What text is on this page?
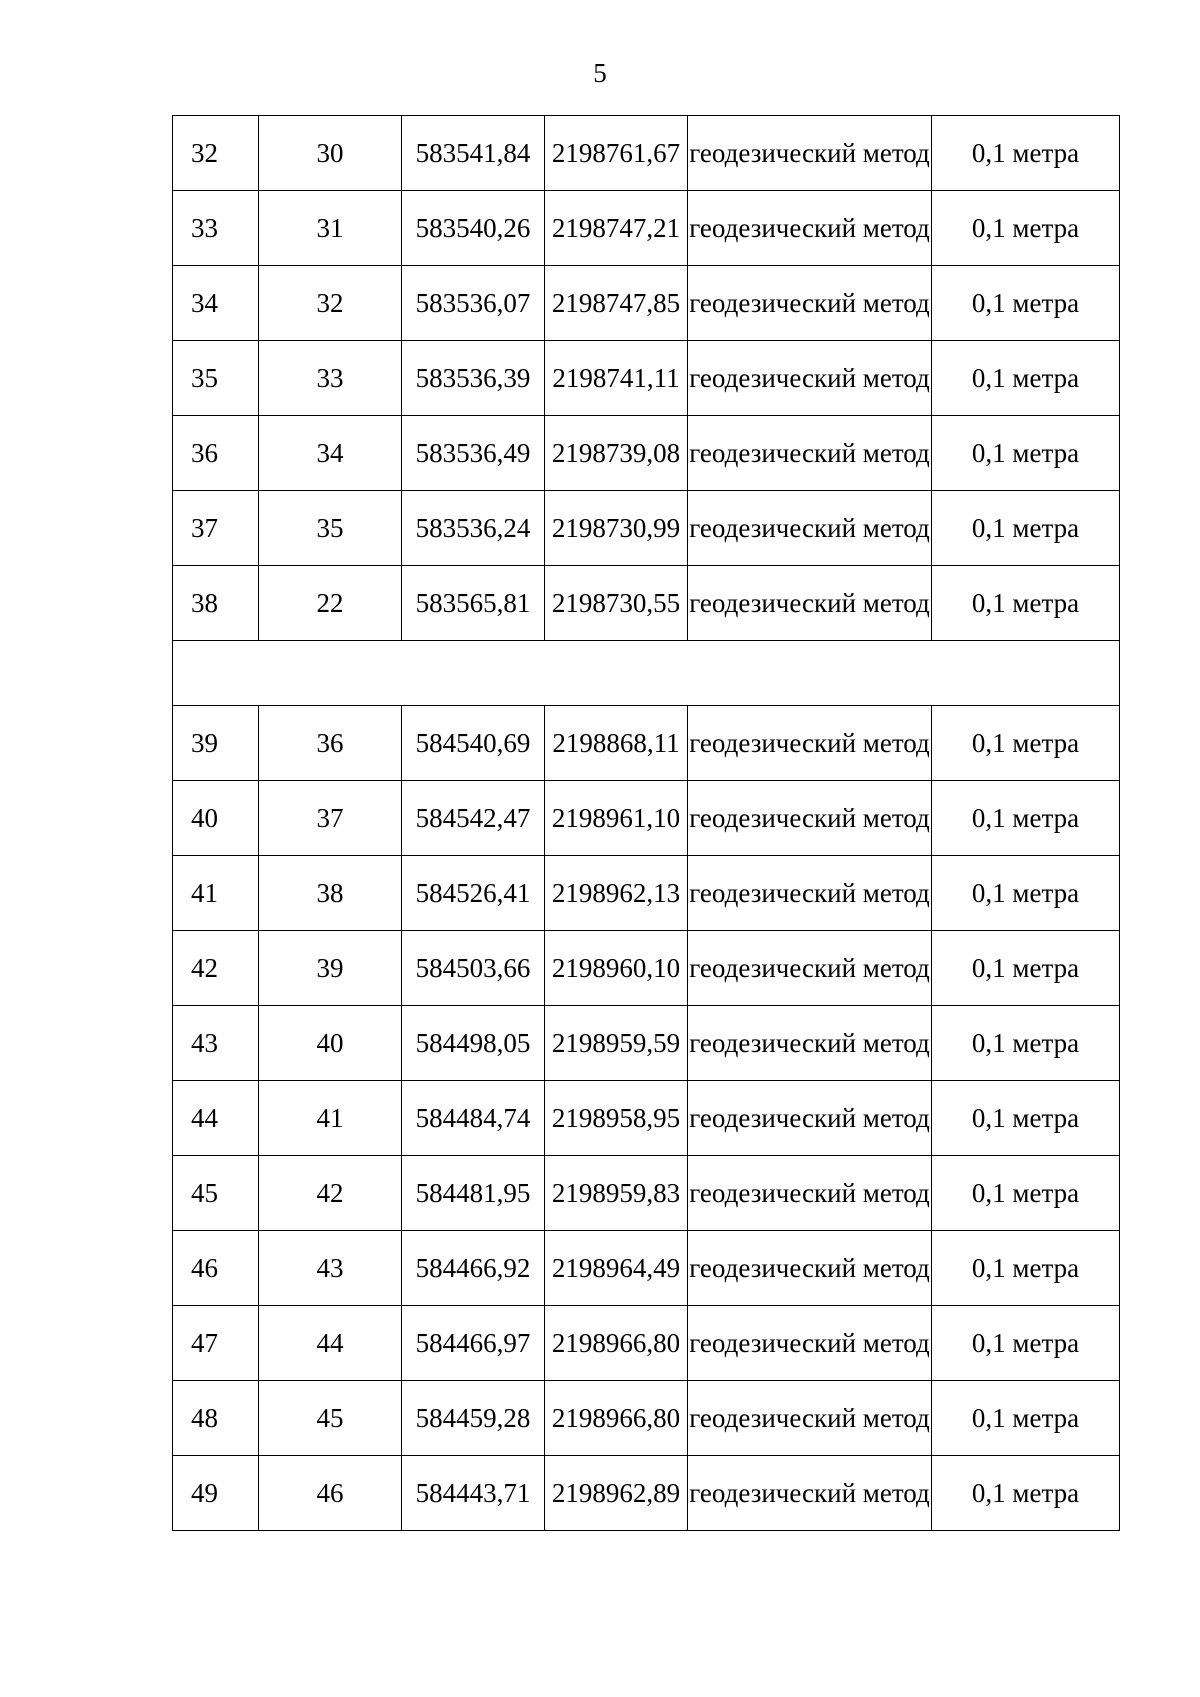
5
32	30	583541,84	2198761,67	геодезический метод	0,1 метра
33	31	583540,26	2198747,21	геодезический метод	0,1 метра
34	32	583536,07	2198747,85	геодезический метод	0,1 метра
35	33	583536,39	2198741,11	геодезический метод	0,1 метра
36	34	583536,49	2198739,08	геодезический метод	0,1 метра
37	35	583536,24	2198730,99	геодезический метод	0,1 метра
38	22	583565,81	2198730,55	геодезический метод	0,1 метра

39	36	584540,69	2198868,11	геодезический метод	0,1 метра
40	37	584542,47	2198961,10	геодезический метод	0,1 метра
41	38	584526,41	2198962,13	геодезический метод	0,1 метра
42	39	584503,66	2198960,10	геодезический метод	0,1 метра
43	40	584498,05	2198959,59	геодезический метод	0,1 метра
44	41	584484,74	2198958,95	геодезический метод	0,1 метра
45	42	584481,95	2198959,83	геодезический метод	0,1 метра
46	43	584466,92	2198964,49	геодезический метод	0,1 метра
47	44	584466,97	2198966,80	геодезический метод	0,1 метра
48	45	584459,28	2198966,80	геодезический метод	0,1 метра
49	46	584443,71	2198962,89	геодезический метод	0,1 метра
